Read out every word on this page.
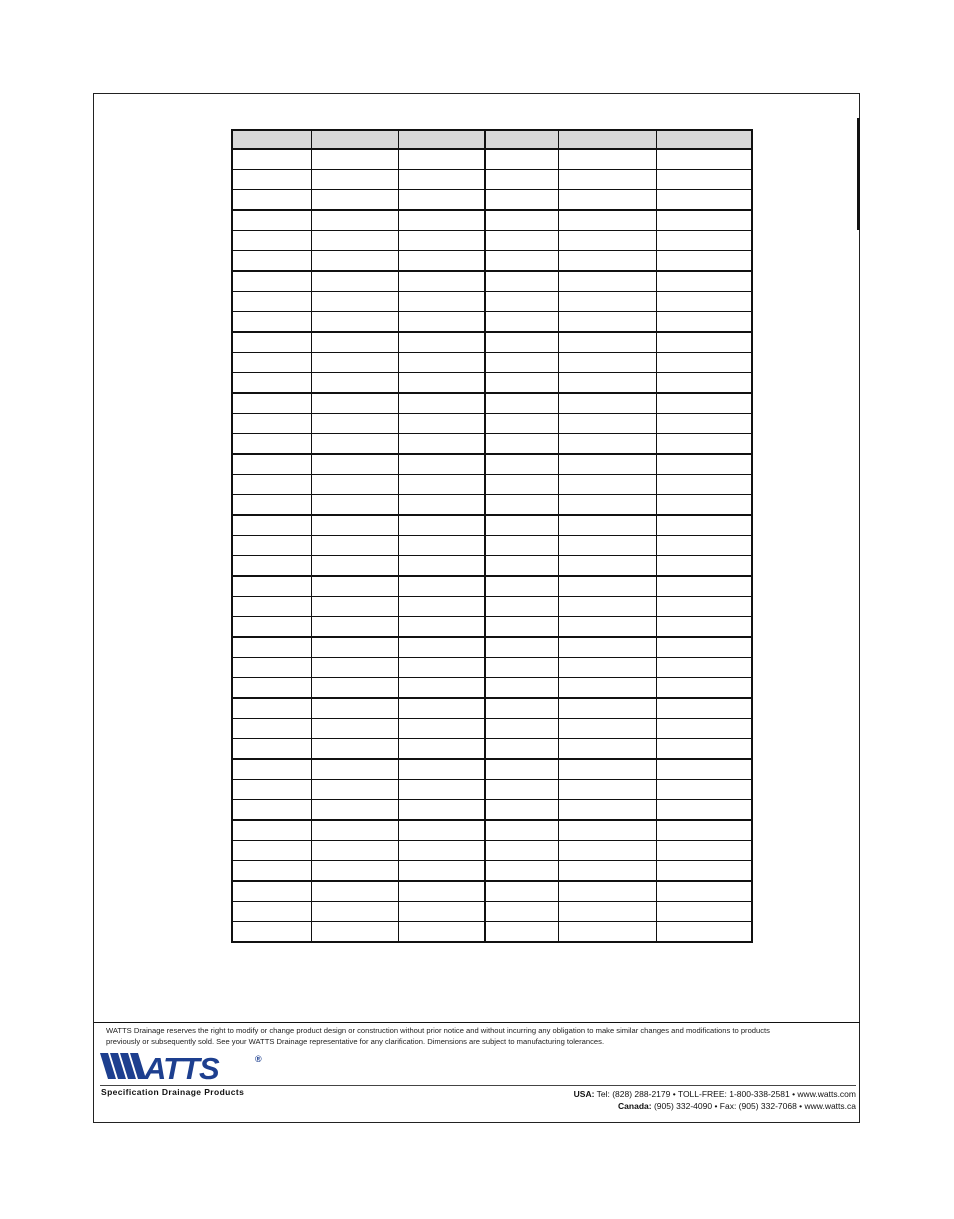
WATTS Drainage reserves the right to modify or change product design or construction without prior notice and without incurring any obligation to make similar changes and modifications to products
previously or subsequently sold. See your WATTS Drainage representative for any clarification. Dimensions are subject to manufacturing tolerances.
ATTS	®
Specification Drainage Products	USA: Tel: (828) 288-2179 • TOLL-FREE: 1-800-338-2581 • www.watts.com
Canada: (905) 332-4090 • Fax: (905) 332-7068 • www.watts.ca
